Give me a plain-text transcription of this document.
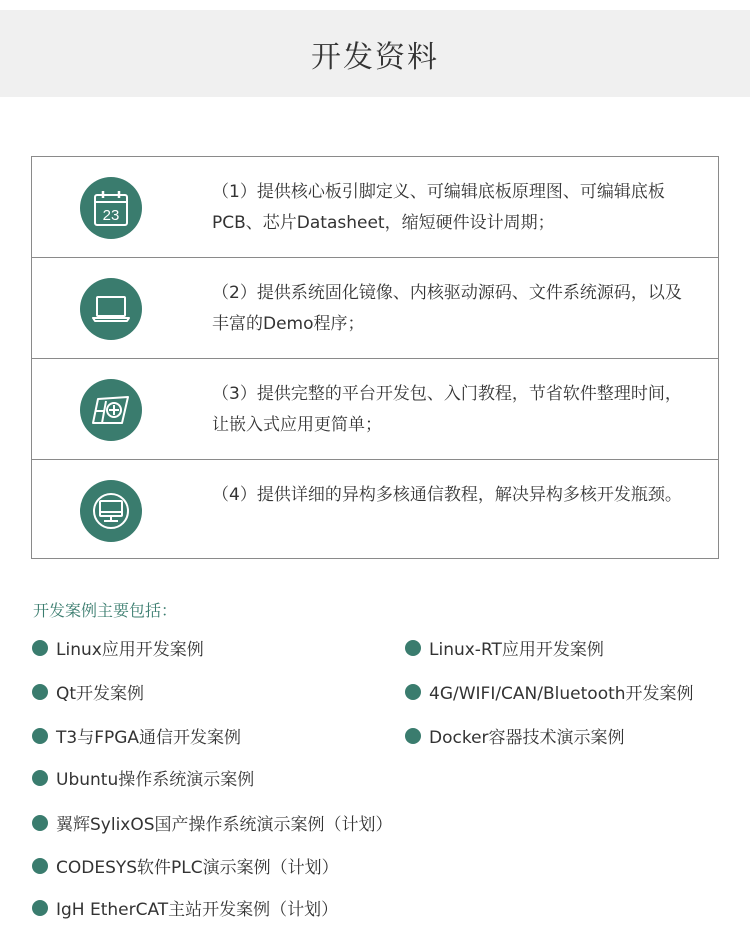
开发资料
23
（1）提供核心板引脚定义、可编辑底板原理图、可编辑底板PCB、芯片Datasheet，缩短硬件设计周期；
（2）提供系统固化镜像、内核驱动源码、文件系统源码，以及丰富的Demo程序；
（3）提供完整的平台开发包、入门教程，节省软件整理时间，让嵌入式应用更简单；
（4）提供详细的异构多核通信教程，解决异构多核开发瓶颈。
开发案例主要包括：
Linux应用开发案例	Linux-RT应用开发案例
Qt开发案例	4G/WIFI/CAN/Bluetooth开发案例
T3与FPGA通信开发案例	Docker容器技术演示案例
Ubuntu操作系统演示案例
翼辉SylixOS国产操作系统演示案例（计划）
CODESYS软件PLC演示案例（计划）
IgH EtherCAT主站开发案例（计划）
